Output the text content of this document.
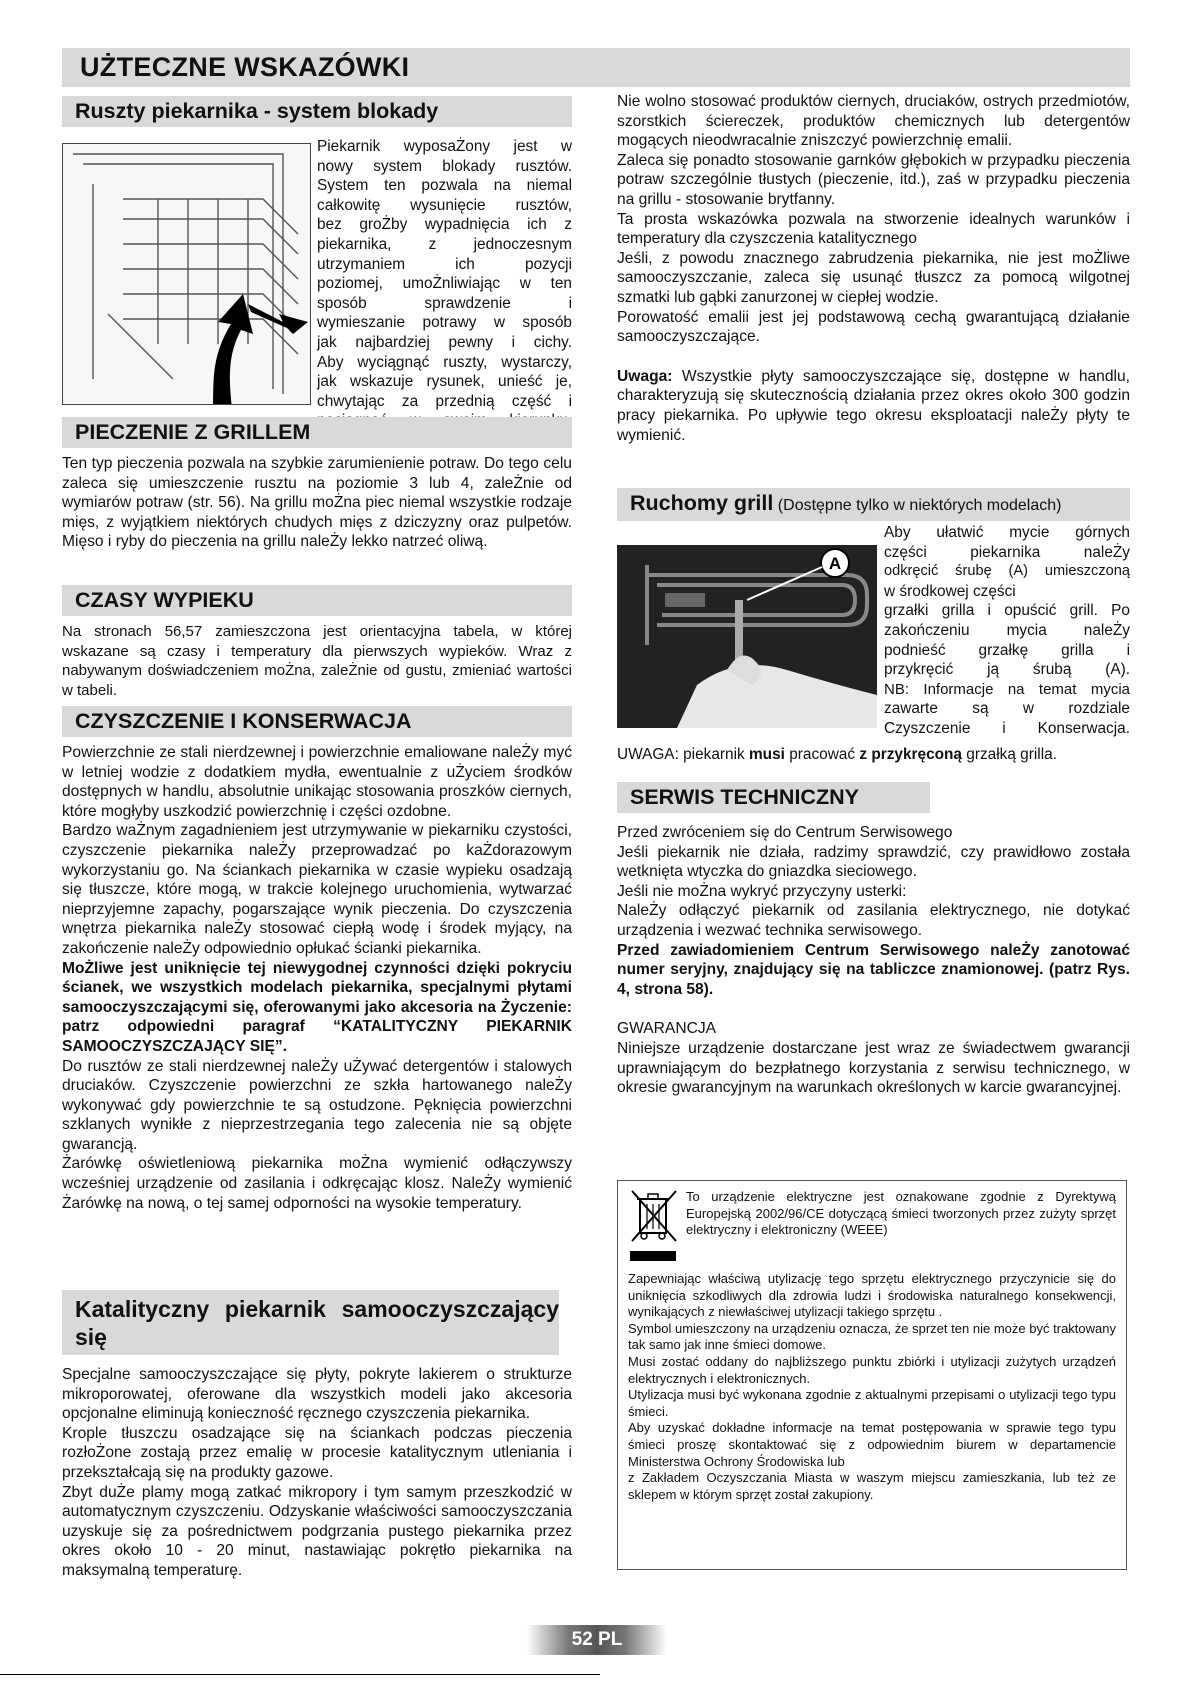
UŻTECZNE WSKAZÓWKI
Ruszty piekarnika - system blokady
Piekarnik wyposaŻony jest w
nowy system blokady rusztów.
System ten pozwala na niemal
całkowitę wysunięcie rusztów,
bez groŻby wypadnięcia ich z
piekarnika, z jednoczesnym
utrzymaniem ich pozycji
poziomej, umoŻnliwiając w ten
sposób sprawdzenie i
wymieszanie potrawy w sposób
jak najbardziej pewny i cichy.
Aby wyciągnąć ruszty, wystarczy,
jak wskazuje rysunek, unieść je,
chwytając za przednią część i
PIECZENIE Z GRILLEM

Ten typ pieczenia pozwala na szybkie zarumienienie potraw. Do tego celu zaleca się umieszczenie rusztu na poziomie 3 lub 4, zaleŻnie od wymiarów potraw (str. 56). Na grillu moŻna piec niemal wszystkie rodzaje mięs, z wyjątkiem niektórych chudych mięs z dziczyzny oraz pulpetów. Mięso i ryby do pieczenia na grillu naleŻy lekko natrzeć oliwą.

CZASY WYPIEKU

Na stronach 56,57 zamieszczona jest orientacyjna tabela, w której wskazane są czasy i temperatury dla pierwszych wypieków. Wraz z nabywanym doświadczeniem moŻna, zaleŻnie od gustu, zmieniać wartości w tabeli.

CZYSZCZENIE I KONSERWACJA

Powierzchnie ze stali nierdzewnej i powierzchnie emaliowane naleŻy myć w letniej wodzie z dodatkiem mydła, ewentualnie z uŻyciem środków dostępnych w handlu, absolutnie unikając stosowania proszków ciernych, które mogłyby uszkodzić powierzchnię i części ozdobne.

Bardzo waŻnym zagadnieniem jest utrzymywanie w piekarniku czystości, czyszczenie piekarnika naleŻy przeprowadzać po kaŻdorazowym wykorzystaniu go. Na ściankach piekarnika w czasie wypieku osadzają się tłuszcze, które mogą, w trakcie kolejnego uruchomienia, wytwarzać nieprzyjemne zapachy, pogarszające wynik pieczenia. Do czyszczenia wnętrza piekarnika naleŻy stosować ciepłą wodę i środek myjący, na zakończenie naleŻy odpowiednio opłukać ścianki piekarnika.

MoŻliwe jest uniknięcie tej niewygodnej czynności dzięki pokryciu ścianek, we wszystkich modelach piekarnika, specjalnymi płytami samooczyszczającymi się, oferowanymi jako akcesoria na Życzenie: patrz odpowiedni paragraf “KATALITYCZNY PIEKARNIK SAMOOCZYSZCZAJĄCY SIĘ”.

Do rusztów ze stali nierdzewnej naleŻy uŻywać detergentów i stalowych druciaków. Czyszczenie powierzchni ze szkła hartowanego naleŻy wykonywać gdy powierzchnie te są ostudzone. Pęknięcia powierzchni szklanych wynikłe z nieprzestrzegania tego zalecenia nie są objęte gwarancją.

Żarówkę oświetleniową piekarnika moŻna wymienić odłączywszy wcześniej urządzenie od zasilania i odkręcając klosz. NaleŻy wymienić Żarówkę na nową, o tej samej odporności na wysokie temperatury.

Katalityczny piekarnik samooczyszczający się

Specjalne samooczyszczające się płyty, pokryte lakierem o strukturze mikroporowatej, oferowane dla wszystkich modeli jako akcesoria opcjonalne eliminują konieczność ręcznego czyszczenia piekarnika.

Krople tłuszczu osadzające się na ściankach podczas pieczenia rozłoŻone zostają przez emalię w procesie katalitycznym utleniania i przekształcają się na produkty gazowe.

Zbyt duŻe plamy mogą zatkać mikropory i tym samym przeszkodzić w automatycznym czyszczeniu. Odzyskanie właściwości samooczyszczania uzyskuje się za pośrednictwem podgrzania pustego piekarnika przez okres około 10 - 20 minut, nastawiając pokrętło piekarnika na maksymalną temperaturę.

Nie wolno stosować produktów ciernych, druciaków, ostrych przedmiotów, szorstkich ściereczek, produktów chemicznych lub detergentów mogących nieodwracalnie zniszczyć powierzchnię emalii.

Zaleca się ponadto stosowanie garnków głębokich w przypadku pieczenia potraw szczególnie tłustych (pieczenie, itd.), zaś w przypadku pieczenia na grillu - stosowanie brytfanny.

Ta prosta wskazówka pozwala na stworzenie idealnych warunków i temperatury dla czyszczenia katalitycznego

Jeśli, z powodu znacznego zabrudzenia piekarnika, nie jest moŻliwe samooczyszczanie, zaleca się usunąć tłuszcz za pomocą wilgotnej szmatki lub gąbki zanurzonej w ciepłej wodzie.

Porowatość emalii jest jej podstawową cechą gwarantującą działanie samooczyszczające.

Uwaga: Wszystkie płyty samooczyszczające się, dostępne w handlu, charakteryzują się skutecznością działania przez okres około 300 godzin pracy piekarnika. Po upływie tego okresu eksploatacji naleŻy płyty te wymienić.

Ruchomy grill (Dostępne tylko w niektórych modelach)
A
Aby ułatwić mycie górnych
części piekarnika naleŻy
odkręcić śrubę (A) umieszczoną
w środkowej części
grzałki grilla i opuścić grill. Po
zakończeniu mycia naleŻy
podnieść grzałkę grilla i
przykręcić ją śrubą (A).
NB: Informacje na temat mycia
zawarte są w rozdziale
Czyszczenie i Konserwacja.
UWAGA: piekarnik musi pracować z przykręconą grzałką grilla.
SERWIS TECHNICZNY

Przed zwróceniem się do Centrum Serwisowego

Jeśli piekarnik nie działa, radzimy sprawdzić, czy prawidłowo została wetknięta wtyczka do gniazdka sieciowego.

Jeśli nie moŻna wykryć przyczyny usterki:

NaleŻy odłączyć piekarnik od zasilania elektrycznego, nie dotykać urządzenia i wezwać technika serwisowego.

Przed zawiadomieniem Centrum Serwisowego naleŻy zanotować numer seryjny, znajdujący się na tabliczce znamionowej. (patrz Rys. 4, strona 58).

GWARANCJA

Niniejsze urządzenie dostarczane jest wraz ze świadectwem gwarancji uprawniającym do bezpłatnego korzystania z serwisu technicznego, w okresie gwarancyjnym na warunkach określonych w karcie gwarancyjnej.

To urządzenie elektryczne jest oznakowane zgodnie z Dyrektywą Europejską 2002/96/CE dotyczącą śmieci tworzonych przez zużyty sprzęt elektryczny i elektroniczny (WEEE)

Zapewniając właściwą utylizację tego sprzętu elektrycznego przyczynicie się do uniknięcia szkodliwych dla zdrowia ludzi i środowiska naturalnego konsekwencji, wynikających z niewłaściwej utylizacji takiego sprzętu .

Symbol umieszczony na urządzeniu oznacza, że sprzet ten nie może być traktowany tak samo jak inne śmieci domowe.

Musi zostać oddany do najbliższego punktu zbiórki i utylizacji zużytych urządzeń elektrycznych i elektronicznych.

Utylizacja musi być wykonana zgodnie z aktualnymi przepisami o utylizacji tego typu śmieci.

Aby uzyskać dokładne informacje na temat postępowania w sprawie tego typu śmieci proszę skontaktować się z odpowiednim biurem w departamencie Ministerstwa Ochrony Środowiska lub

z Zakładem Oczyszczania Miasta w waszym miejscu zamieszkania, lub też ze sklepem w którym sprzęt został zakupiony.

52 PL
